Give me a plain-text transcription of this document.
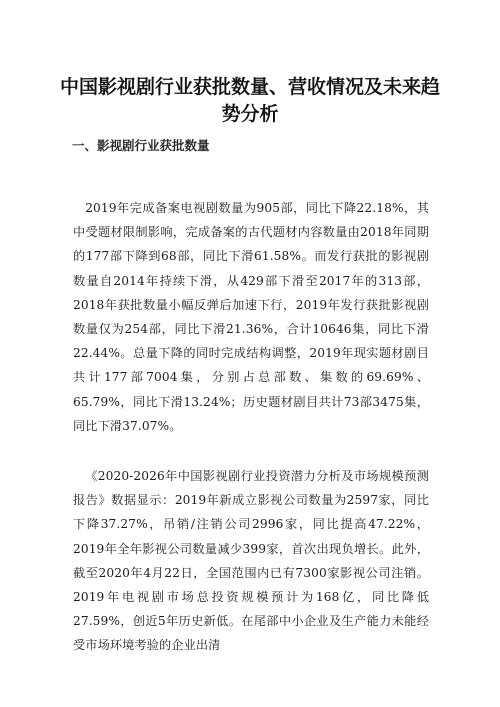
中国影视剧行业获批数量、营收情况及未来趋势分析
一、影视剧行业获批数量

2019年完成备案电视剧数量为905部，同比下降22.18%，其中受题材限制影响，完成备案的古代题材内容数量由2018年同期的177部下降到68部，同比下滑61.58%。而发行获批的影视剧数量自2014年持续下滑，从429部下滑至2017年的313部，2018年获批数量小幅反弹后加速下行，2019年发行获批影视剧数量仅为254部，同比下滑21.36%，合计10646集，同比下滑22.44%。总量下降的同时完成结构调整，2019年现实题材剧目共计177部7004集，分别占总部数、集数的69.69%、65.79%，同比下滑13.24%；历史题材剧目共计73部3475集，同比下滑37.07%。

《2020-2026年中国影视剧行业投资潜力分析及市场规模预测报告》数据显示：2019年新成立影视公司数量为2597家，同比下降37.27%，吊销/注销公司2996家，同比提高47.22%，2019年全年影视公司数量减少399家，首次出现负增长。此外，截至2020年4月22日，全国范围内已有7300家影视公司注销。2019年电视剧市场总投资规模预计为168亿，同比降低27.59%，创近5年历史新低。在尾部中小企业及生产能力未能经受市场环境考验的企业出清
